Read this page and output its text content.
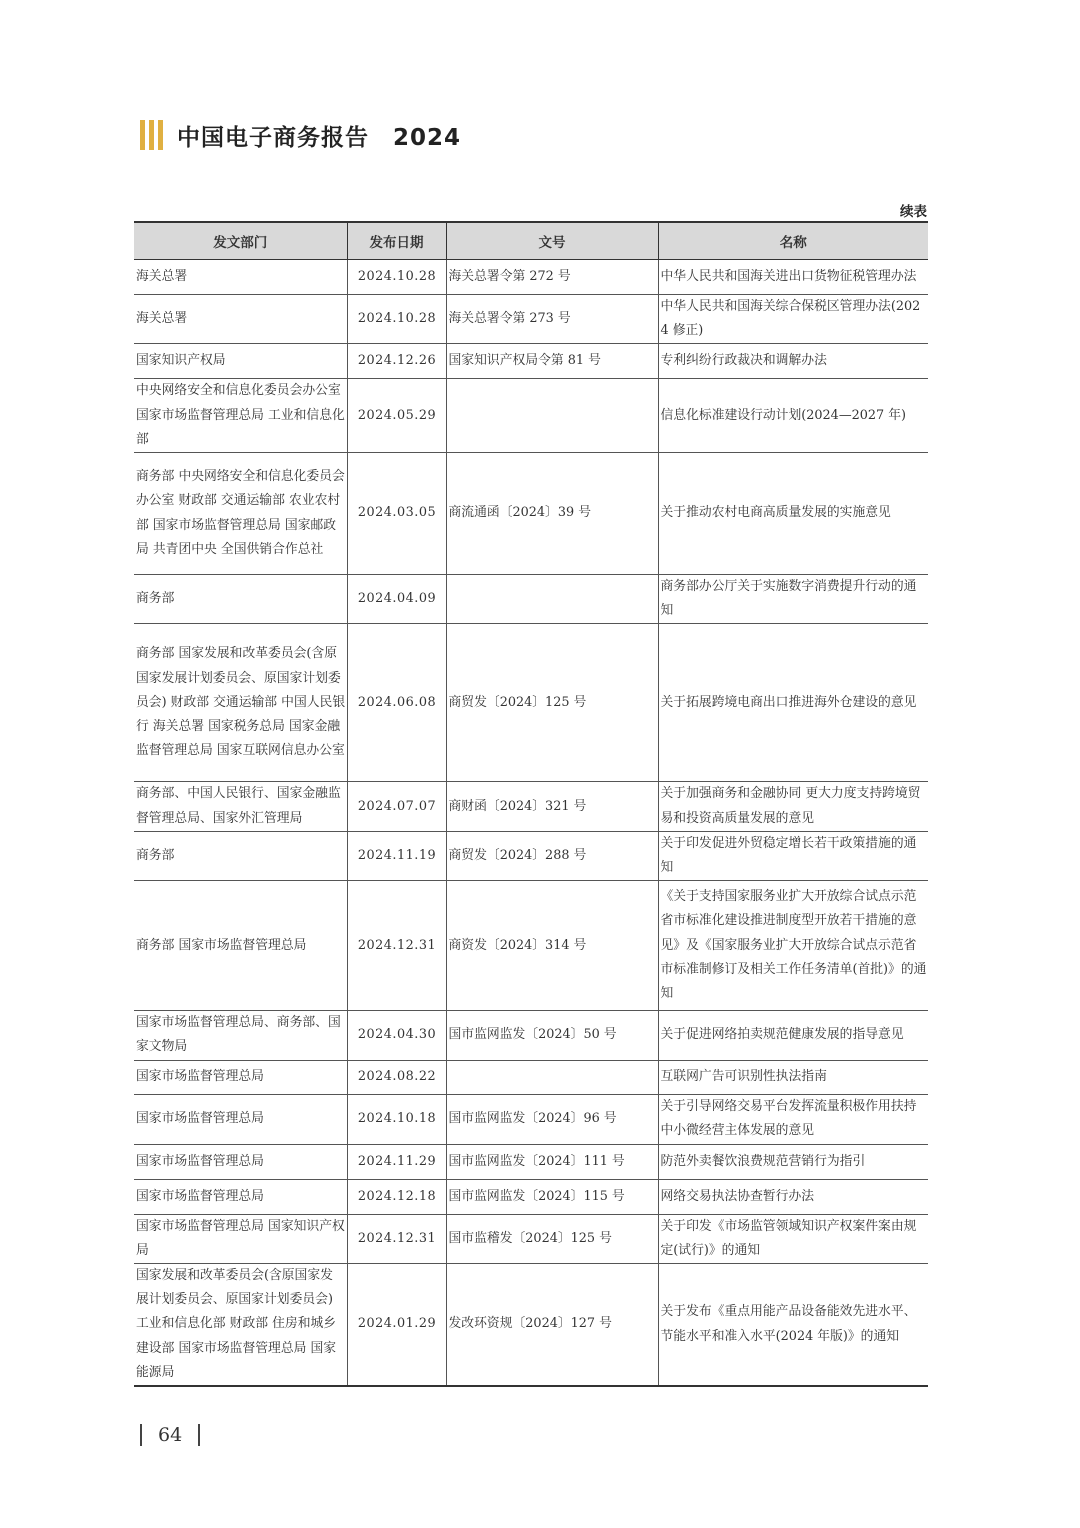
中国电子商务报告　2024
续表
发文部门	发布日期	文号	名称
海关总署	2024.10.28	海关总署令第 272 号	中华人民共和国海关进出口货物征税管理办法
海关总署	2024.10.28	海关总署令第 273 号	中华人民共和国海关综合保税区管理办法(2024 修正)
国家知识产权局	2024.12.26	国家知识产权局令第 81 号	专利纠纷行政裁决和调解办法
中央网络安全和信息化委员会办公室 国家市场监督管理总局 工业和信息化部	2024.05.29		信息化标准建设行动计划(2024—2027 年)
商务部 中央网络安全和信息化委员会办公室 财政部 交通运输部 农业农村部 国家市场监督管理总局 国家邮政局 共青团中央 全国供销合作总社	2024.03.05	商流通函〔2024〕39 号	关于推动农村电商高质量发展的实施意见
商务部	2024.04.09		商务部办公厅关于实施数字消费提升行动的通知
商务部 国家发展和改革委员会(含原国家发展计划委员会、原国家计划委员会) 财政部 交通运输部 中国人民银行 海关总署 国家税务总局 国家金融监督管理总局 国家互联网信息办公室	2024.06.08	商贸发〔2024〕125 号	关于拓展跨境电商出口推进海外仓建设的意见
商务部、中国人民银行、国家金融监督管理总局、国家外汇管理局	2024.07.07	商财函〔2024〕321 号	关于加强商务和金融协同 更大力度支持跨境贸易和投资高质量发展的意见
商务部	2024.11.19	商贸发〔2024〕288 号	关于印发促进外贸稳定增长若干政策措施的通知
商务部 国家市场监督管理总局	2024.12.31	商资发〔2024〕314 号	《关于支持国家服务业扩大开放综合试点示范省市标准化建设推进制度型开放若干措施的意见》及《国家服务业扩大开放综合试点示范省市标准制修订及相关工作任务清单(首批)》的通知
国家市场监督管理总局、商务部、国家文物局	2024.04.30	国市监网监发〔2024〕50 号	关于促进网络拍卖规范健康发展的指导意见
国家市场监督管理总局	2024.08.22		互联网广告可识别性执法指南
国家市场监督管理总局	2024.10.18	国市监网监发〔2024〕96 号	关于引导网络交易平台发挥流量积极作用扶持中小微经营主体发展的意见
国家市场监督管理总局	2024.11.29	国市监网监发〔2024〕111 号	防范外卖餐饮浪费规范营销行为指引
国家市场监督管理总局	2024.12.18	国市监网监发〔2024〕115 号	网络交易执法协查暂行办法
国家市场监督管理总局 国家知识产权局	2024.12.31	国市监稽发〔2024〕125 号	关于印发《市场监管领域知识产权案件案由规定(试行)》的通知
国家发展和改革委员会(含原国家发展计划委员会、原国家计划委员会) 工业和信息化部 财政部 住房和城乡建设部 国家市场监督管理总局 国家能源局	2024.01.29	发改环资规〔2024〕127 号	关于发布《重点用能产品设备能效先进水平、节能水平和准入水平(2024 年版)》的通知
64
